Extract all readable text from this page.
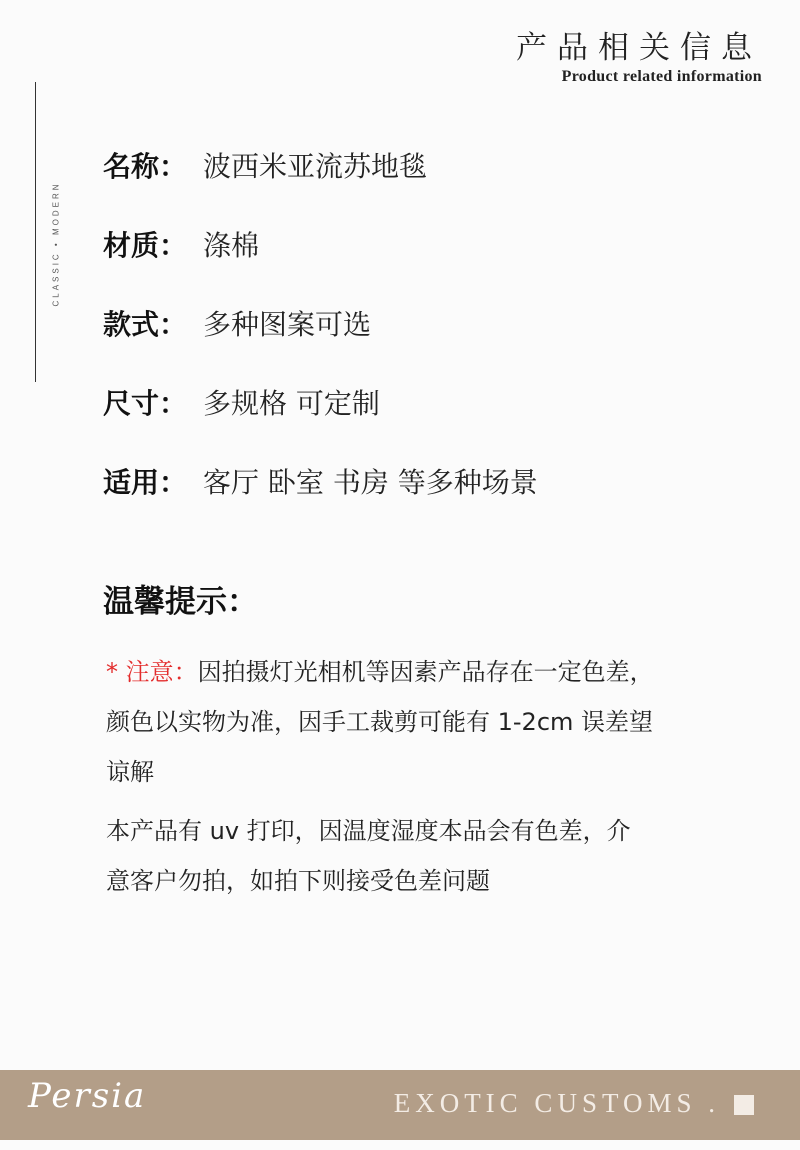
产品相关信息
Product related information
CLASSIC • MODERN
名称 ： 波西米亚流苏地毯
材质 ： 涤棉
款式 ： 多种图案可选
尺寸 ： 多规格 可定制
适用 ： 客厅 卧室 书房 等多种场景
温馨提示：
* 注意：因拍摄灯光相机等因素产品存在一定色差，
颜色以实物为准，因手工裁剪可能有 1-2cm 误差望
谅解
本产品有 uv 打印，因温度湿度本品会有色差，介
意客户勿拍，如拍下则接受色差问题
Persia	EXOTIC CUSTOMS .
